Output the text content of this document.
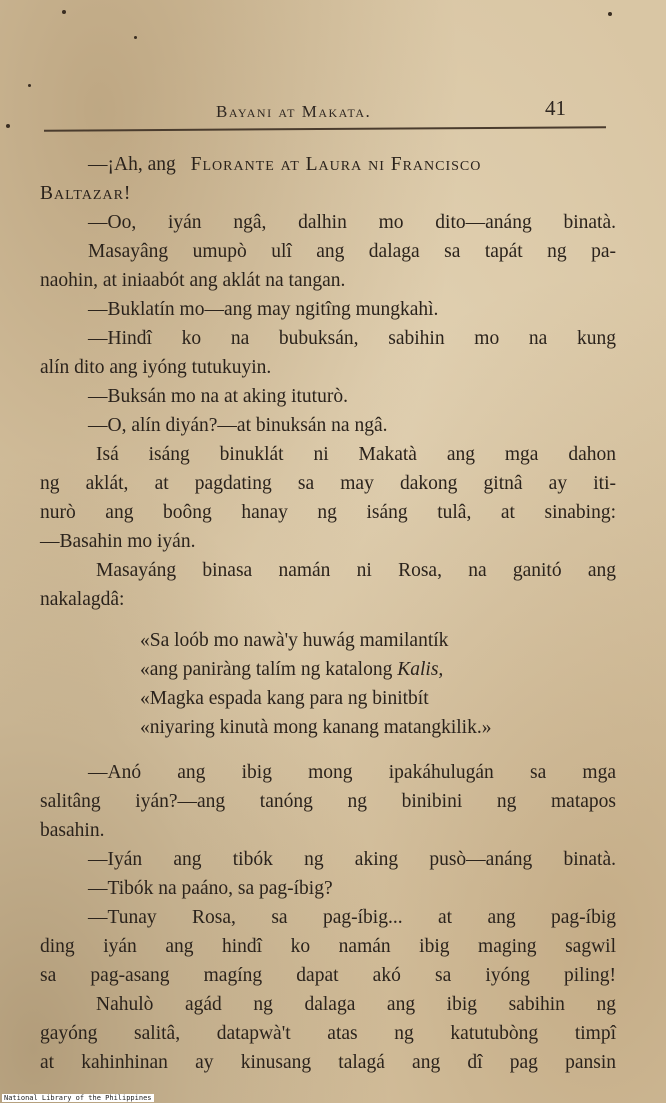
Bayani at Makata.	41
—¡Ah, ang Florante at Laura ni Francisco
Baltazar!
—Oo, iyán ngâ, dalhin mo dito—anáng binatà.
Masayâng umupò ulî ang dalaga sa tapát ng pa-
naohin, at iniaabót ang aklát na tangan.
—Buklatín mo—ang may ngitîng mungkahì.
—Hindî ko na bubuksán, sabihin mo na kung
alín dito ang iyóng tutukuyin.
—Buksán mo na at aking ituturò.
—O, alín diyán?—at binuksán na ngâ.
Isá isáng binuklát ni Makatà ang mga dahon
ng aklát, at pagdating sa may dakong gitnâ ay iti-
nurò ang boông hanay ng isáng tulâ, at sinabing:
—Basahin mo iyán.
Masayáng binasa namán ni Rosa, na ganitó ang
nakalagdâ:
«Sa loób mo nawà'y huwág mamilantík
«ang paniràng talím ng katalong Kalis,
«Magka espada kang para ng binitbít
«niyaring kinutà mong kanang matangkilik.»
—Anó ang ibig mong ipakáhulugán sa mga
salitâng iyán?—ang tanóng ng binibini ng matapos
basahin.
—Iyán ang tibók ng aking pusò—anáng binatà.
—Tibók na paáno, sa pag-íbig?
—Tunay Rosa, sa pag-íbig... at ang pag-íbig
ding iyán ang hindî ko namán ibig maging sagwil
sa pag-asang magíng dapat akó sa iyóng piling!
Nahulò agád ng dalaga ang ibig sabihin ng
gayóng salitâ, datapwà't atas ng katutubòng timpî
at kahinhinan ay kinusang talagá ang dî pag pansin
National Library of the Philippines
